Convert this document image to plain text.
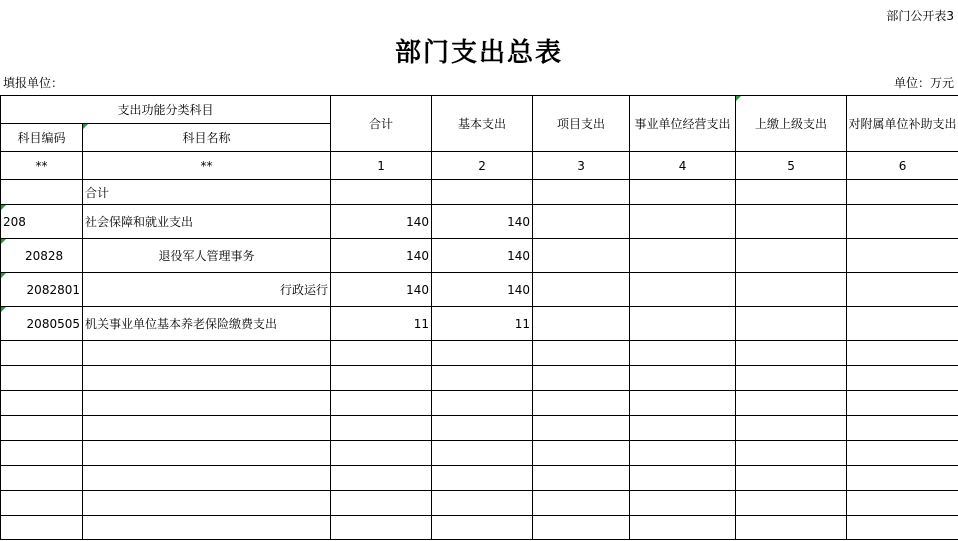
部门公开表3
部门支出总表
填报单位：	单位：万元
支出功能分类科目		合计	基本支出	项目支出	事业单位经营支出	上缴上级支出	对附属单位补助支出
科目编码	科目名称						
**	**	1	2	3	4	5	6
	合计						
208	社会保障和就业支出	140	140				
20828	退役军人管理事务	140	140				
2082801	行政运行	140	140				
2080505	机关事业单位基本养老保险缴费支出	11	11				
